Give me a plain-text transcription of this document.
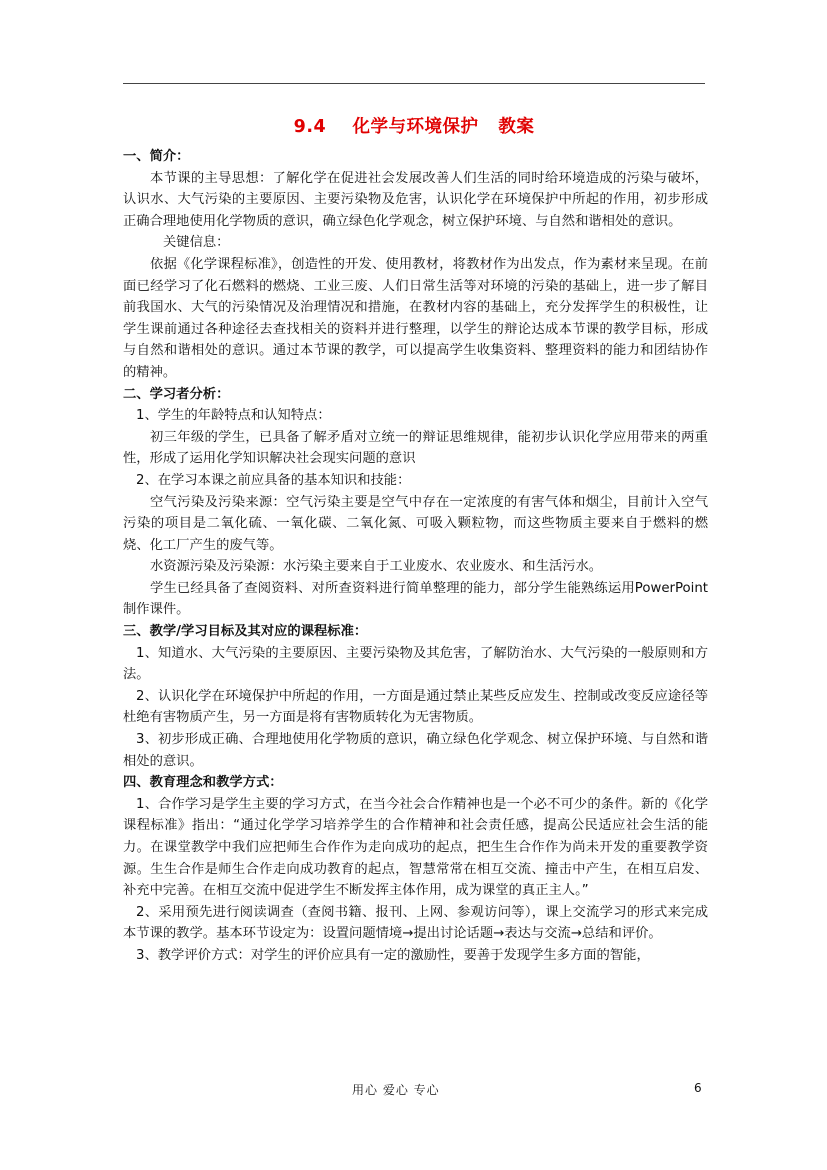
9.4    化学与环境保护   教案

一、简介：

本节课的主导思想：了解化学在促进社会发展改善人们生活的同时给环境造成的污染与破坏，认识水、大气污染的主要原因、主要污染物及危害，认识化学在环境保护中所起的作用，初步形成正确合理地使用化学物质的意识，确立绿色化学观念，树立保护环境、与自然和谐相处的意识。

关键信息：

依据《化学课程标准》，创造性的开发、使用教材，将教材作为出发点，作为素材来呈现。在前面已经学习了化石燃料的燃烧、工业三废、人们日常生活等对环境的污染的基础上，进一步了解目前我国水、大气的污染情况及治理情况和措施，在教材内容的基础上，充分发挥学生的积极性，让学生课前通过各种途径去查找相关的资料并进行整理，以学生的辩论达成本节课的教学目标，形成与自然和谐相处的意识。通过本节课的教学，可以提高学生收集资料、整理资料的能力和团结协作的精神。

二、学习者分析：

1、学生的年龄特点和认知特点：

初三年级的学生，已具备了解矛盾对立统一的辩证思维规律，能初步认识化学应用带来的两重性，形成了运用化学知识解决社会现实问题的意识

2、在学习本课之前应具备的基本知识和技能：

空气污染及污染来源：空气污染主要是空气中存在一定浓度的有害气体和烟尘，目前计入空气污染的项目是二氧化硫、一氧化碳、二氧化氮、可吸入颗粒物，而这些物质主要来自于燃料的燃烧、化工厂产生的废气等。

水资源污染及污染源：水污染主要来自于工业废水、农业废水、和生活污水。

学生已经具备了查阅资料、对所查资料进行简单整理的能力，部分学生能熟练运用PowerPoint 制作课件。

三、教学/学习目标及其对应的课程标准：

1、知道水、大气污染的主要原因、主要污染物及其危害，了解防治水、大气污染的一般原则和方法。

2、认识化学在环境保护中所起的作用，一方面是通过禁止某些反应发生、控制或改变反应途径等杜绝有害物质产生，另一方面是将有害物质转化为无害物质。

3、初步形成正确、合理地使用化学物质的意识，确立绿色化学观念、树立保护环境、与自然和谐相处的意识。

四、教育理念和教学方式：

1、合作学习是学生主要的学习方式，在当今社会合作精神也是一个必不可少的条件。新的《化学课程标准》指出：“通过化学学习培养学生的合作精神和社会责任感，提高公民适应社会生活的能力。在课堂教学中我们应把师生合作作为走向成功的起点，把生生合作作为尚未开发的重要教学资源。生生合作是师生合作走向成功教育的起点，智慧常常在相互交流、撞击中产生，在相互启发、补充中完善。在相互交流中促进学生不断发挥主体作用，成为课堂的真正主人。”

2、采用预先进行阅读调查（查阅书籍、报刊、上网、参观访问等），课上交流学习的形式来完成本节课的教学。基本环节设定为：设置问题情境→提出讨论话题→表达与交流→总结和评价。

3、教学评价方式：对学生的评价应具有一定的激励性，要善于发现学生多方面的智能，

用心 爱心 专心	6
